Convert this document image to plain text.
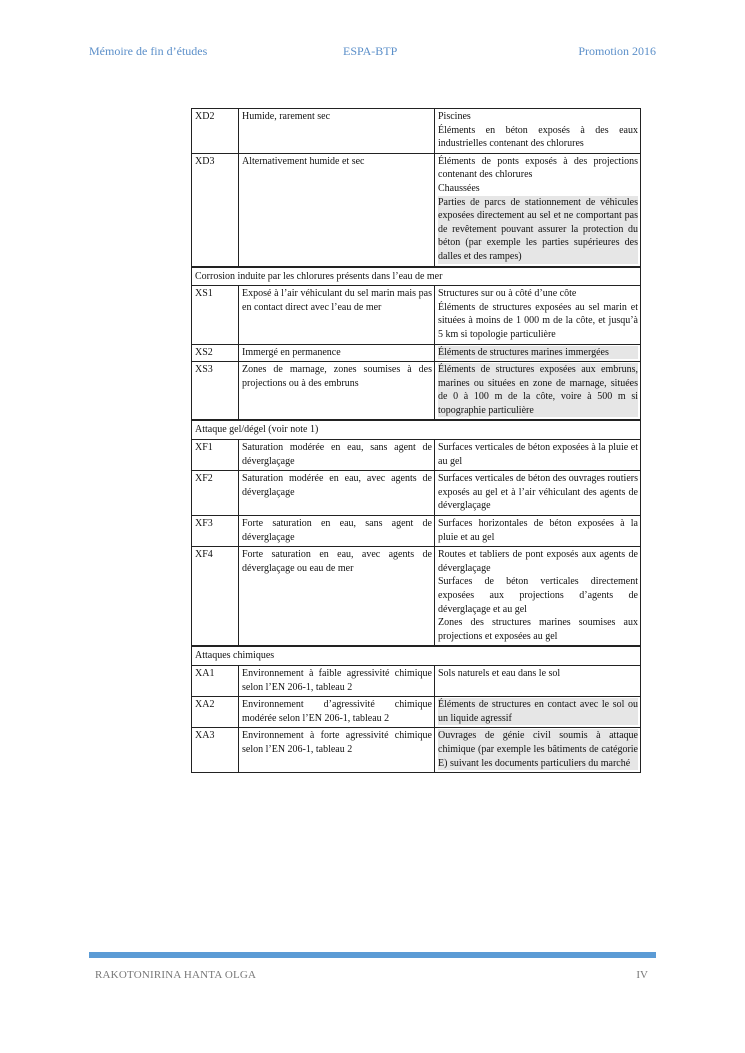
Mémoire de fin d’études	ESPA-BTP	Promotion 2016
XD2	Humide, rarement sec	Piscines

Éléments en béton exposés à des eaux industrielles contenant des chlorures

XD3	Alternativement humide et sec	Éléments de ponts exposés à des projections contenant des chlorures

Chaussées

Parties de parcs de stationnement de véhicules exposées directement au sel et ne comportant pas de revêtement pouvant assurer la protection du béton (par exemple les parties supérieures des dalles et des rampes)

Corrosion induite par les chlorures présents dans l’eau de mer		
XS1	Exposé à l’air véhiculant du sel marin mais pas en contact direct avec l’eau de mer	Structures sur ou à côté d’une côte

Éléments de structures exposées au sel marin et situées à moins de 1 000 m de la côte, et jusqu’à 5 km si topologie particulière

XS2	Immergé en permanence	Éléments de structures marines immergées

XS3	Zones de marnage, zones soumises à des projections ou à des embruns	Éléments de structures exposées aux embruns, marines ou situées en zone de marnage, situées de 0 à 100 m de la côte, voire à 500 m si topographie particulière

Attaque gel/dégel (voir note 1)		
XF1	Saturation modérée en eau, sans agent de déverglaçage	Surfaces verticales de béton exposées à la pluie et au gel

XF2	Saturation modérée en eau, avec agents de déverglaçage	Surfaces verticales de béton des ouvrages routiers exposés au gel et à l’air véhiculant des agents de déverglaçage

XF3	Forte saturation en eau, sans agent de déverglaçage	Surfaces horizontales de béton exposées à la pluie et au gel

XF4	Forte saturation en eau, avec agents de déverglaçage ou eau de mer	Routes et tabliers de pont exposés aux agents de déverglaçage

Surfaces de béton verticales directement exposées aux projections d’agents de déverglaçage et au gel

Zones des structures marines soumises aux projections et exposées au gel

Attaques chimiques		
XA1	Environnement à faible agressivité chimique selon l’EN 206-1, tableau 2	Sols naturels et eau dans le sol

XA2	Environnement d’agressivité chimique modérée selon l’EN 206-1, tableau 2	Éléments de structures en contact avec le sol ou un liquide agressif

XA3	Environnement à forte agressivité chimique selon l’EN 206-1, tableau 2	Ouvrages de génie civil soumis à attaque chimique (par exemple les bâtiments de catégorie E) suivant les documents particuliers du marché

RAKOTONIRINA HANTA OLGA	IV
